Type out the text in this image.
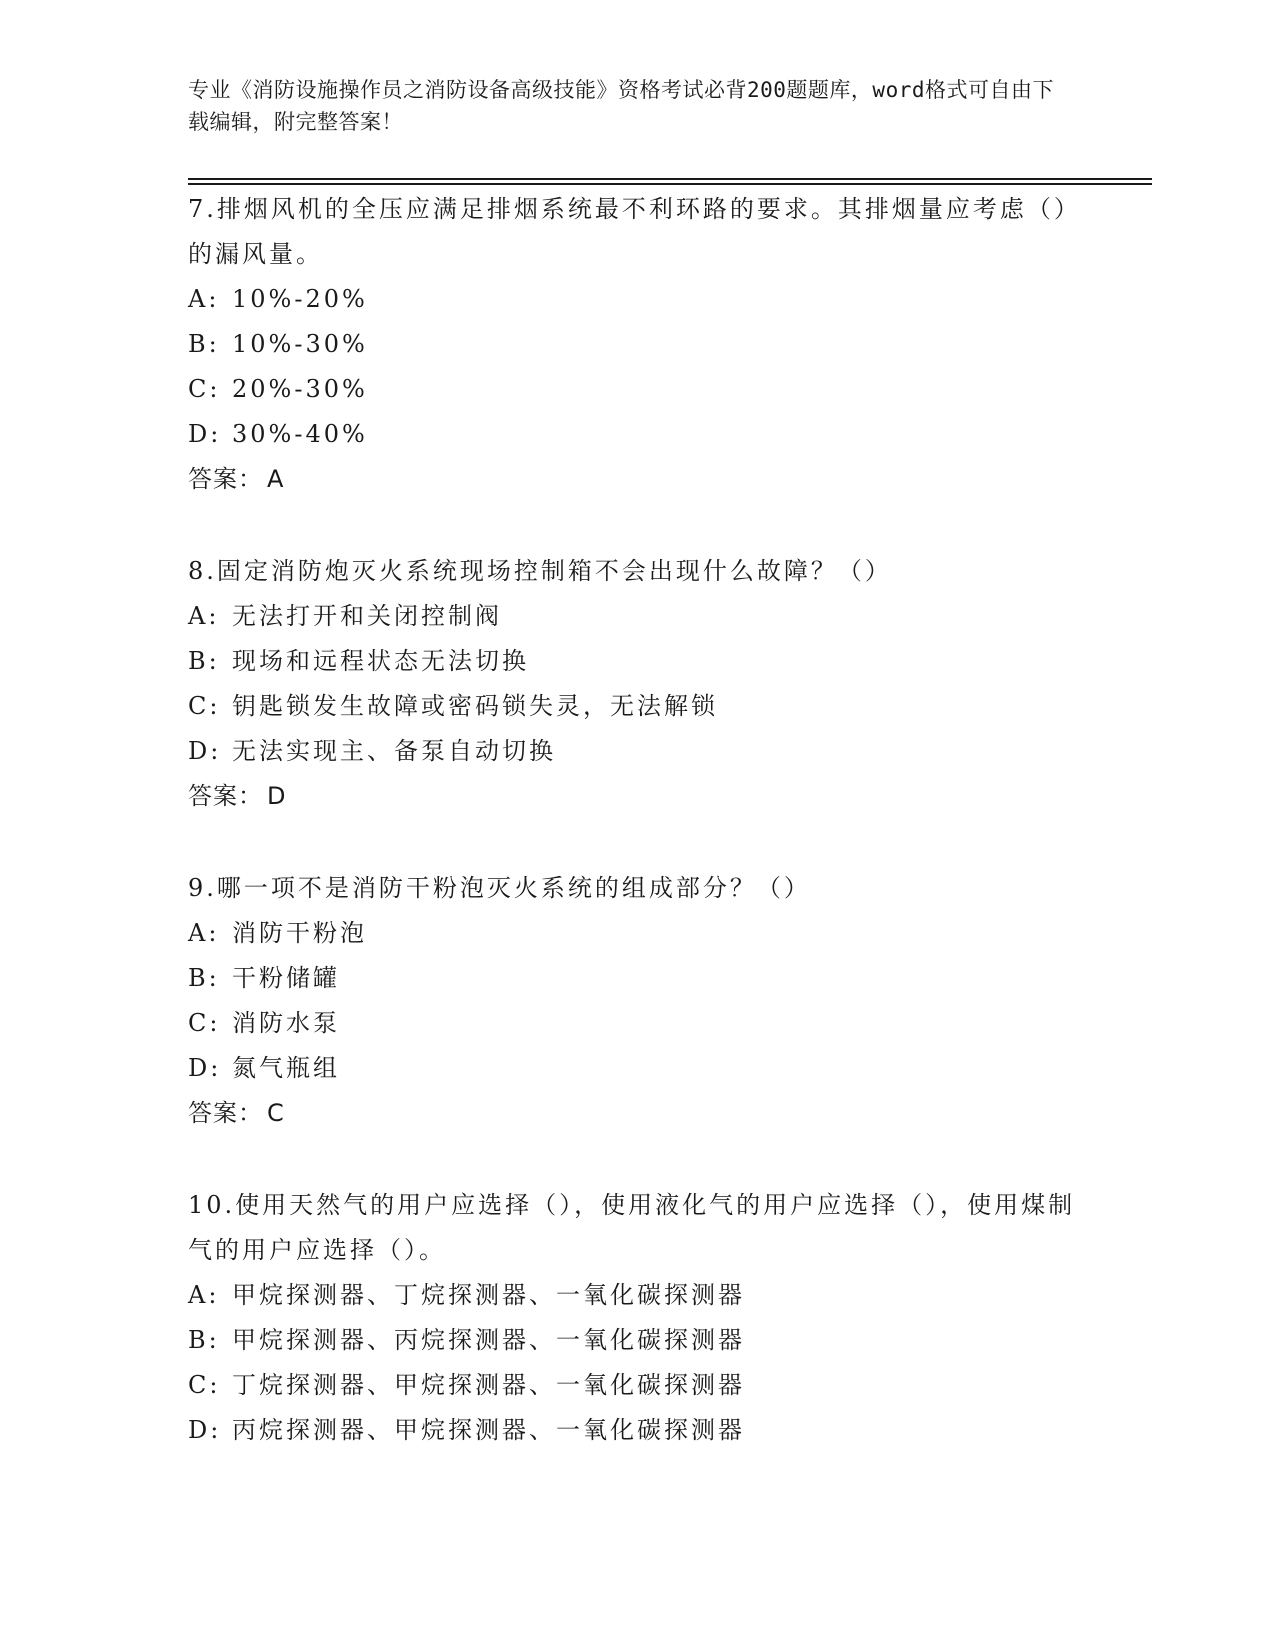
专业《消防设施操作员之消防设备高级技能》资格考试必背200题题库，word格式可自由下载编辑，附完整答案！
7.排烟风机的全压应满足排烟系统最不利环路的要求。其排烟量应考虑（）的漏风量。
A: 10%-20%
B: 10%-30%
C: 20%-30%
D: 30%-40%
答案： A
8.固定消防炮灭火系统现场控制箱不会出现什么故障？（）
A: 无法打开和关闭控制阀
B: 现场和远程状态无法切换
C: 钥匙锁发生故障或密码锁失灵，无法解锁
D: 无法实现主、备泵自动切换
答案： D
9.哪一项不是消防干粉泡灭火系统的组成部分？（）
A: 消防干粉泡
B: 干粉储罐
C: 消防水泵
D: 氮气瓶组
答案： C
10.使用天然气的用户应选择（），使用液化气的用户应选择（），使用煤制气的用户应选择（）。
A: 甲烷探测器、丁烷探测器、一氧化碳探测器
B: 甲烷探测器、丙烷探测器、一氧化碳探测器
C: 丁烷探测器、甲烷探测器、一氧化碳探测器
D: 丙烷探测器、甲烷探测器、一氧化碳探测器
